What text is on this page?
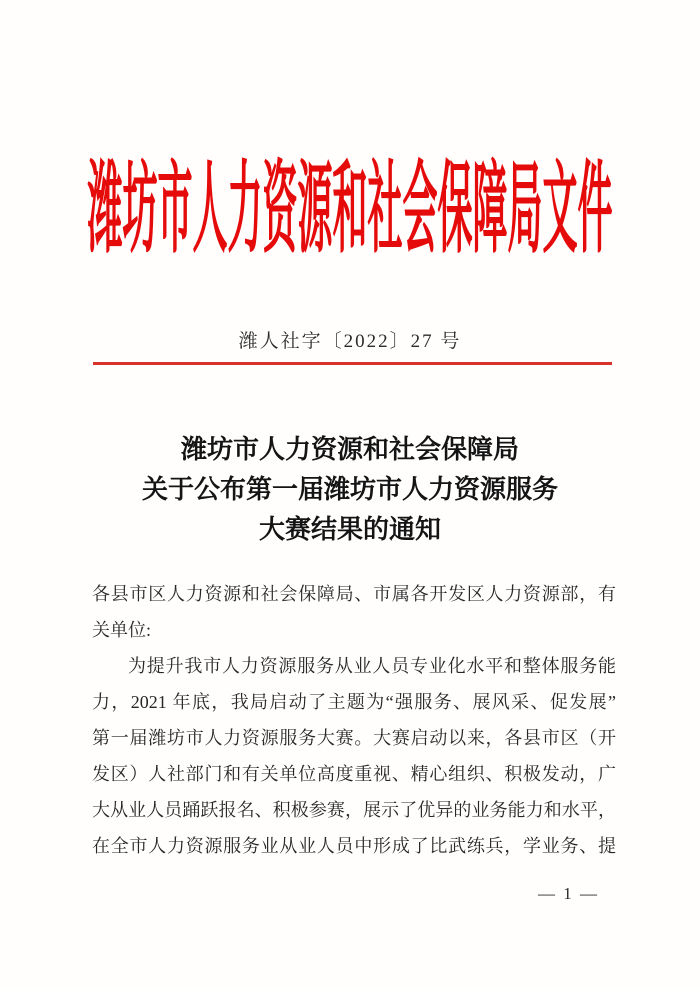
潍坊市人力资源和社会保障局文件
潍人社字〔2022〕27 号
潍坊市人力资源和社会保障局
关于公布第一届潍坊市人力资源服务
大赛结果的通知
各县市区人力资源和社会保障局、市属各开发区人力资源部，有
关单位:
为提升我市人力资源服务从业人员专业化水平和整体服务能
力，2021 年底，我局启动了主题为“强服务、展风采、促发展”
第一届潍坊市人力资源服务大赛。大赛启动以来，各县市区（开
发区）人社部门和有关单位高度重视、精心组织、积极发动，广
大从业人员踊跃报名、积极参赛，展示了优异的业务能力和水平，
在全市人力资源服务业从业人员中形成了比武练兵，学业务、提
— 1 —
